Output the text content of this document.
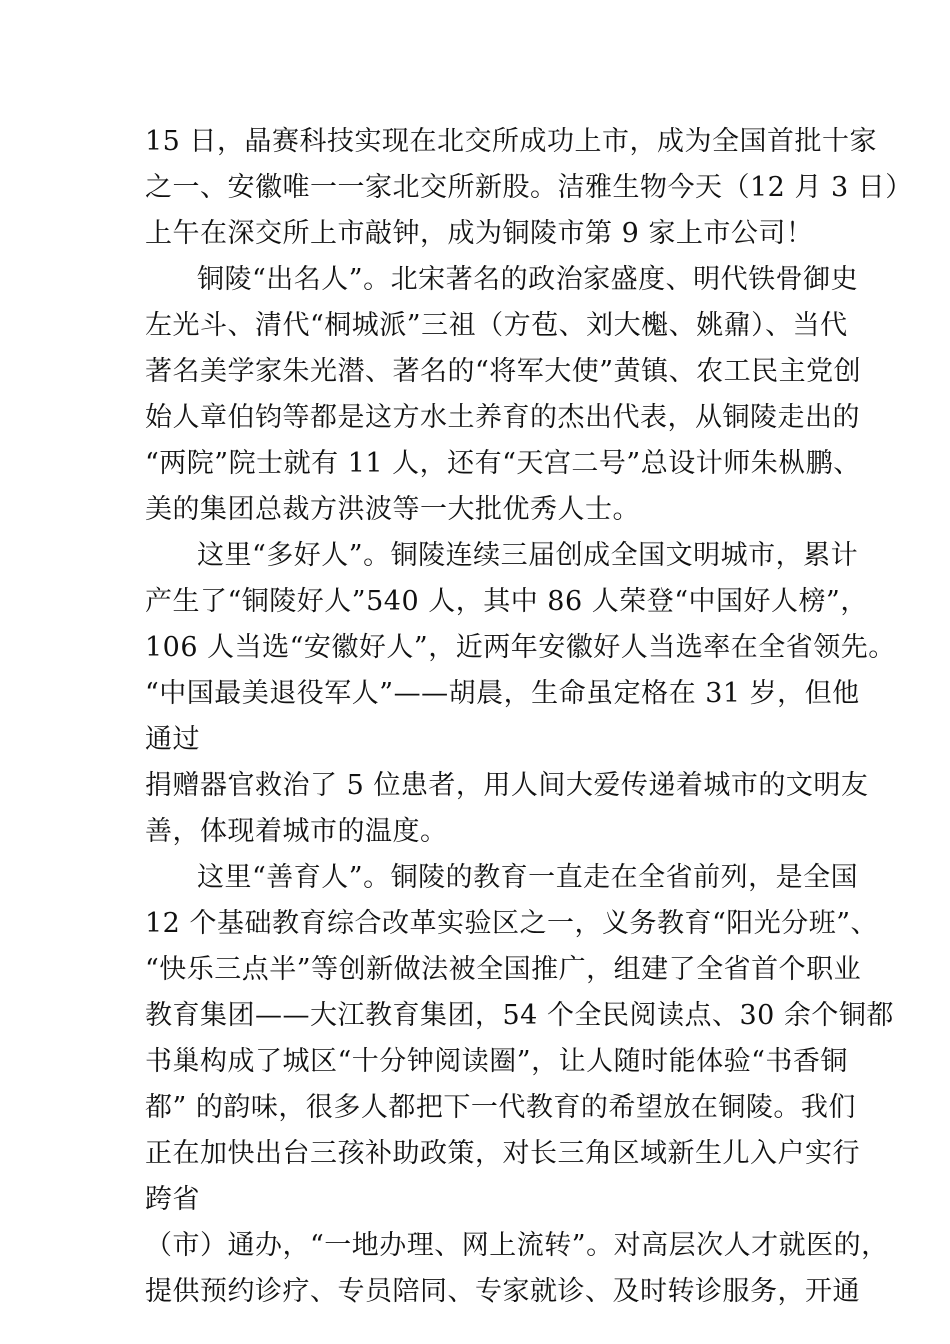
15 日，晶赛科技实现在北交所成功上市，成为全国首批十家
之一、安徽唯一一家北交所新股。洁雅生物今天（12 月 3 日）
上午在深交所上市敲钟，成为铜陵市第 9 家上市公司！
铜陵“出名人”。北宋著名的政治家盛度、明代铁骨御史
左光斗、清代“桐城派”三祖（方苞、刘大櫆、姚鼐）、当代
著名美学家朱光潜、著名的“将军大使”黄镇、农工民主党创
始人章伯钧等都是这方水土养育的杰出代表，从铜陵走出的
“两院”院士就有 11 人，还有“天宫二号”总设计师朱枞鹏、
美的集团总裁方洪波等一大批优秀人士。
这里“多好人”。铜陵连续三届创成全国文明城市，累计
产生了“铜陵好人”540 人，其中 86 人荣登“中国好人榜”，
106 人当选“安徽好人”，近两年安徽好人当选率在全省领先。
“中国最美退役军人”——胡晨，生命虽定格在 31 岁，但他
通过
捐赠器官救治了 5 位患者，用人间大爱传递着城市的文明友
善，体现着城市的温度。
这里“善育人”。铜陵的教育一直走在全省前列，是全国
12 个基础教育综合改革实验区之一，义务教育“阳光分班”、
“快乐三点半”等创新做法被全国推广，组建了全省首个职业
教育集团——大江教育集团，54 个全民阅读点、30 余个铜都
书巢构成了城区“十分钟阅读圈”，让人随时能体验“书香铜
都” 的韵味，很多人都把下一代教育的希望放在铜陵。我们
正在加快出台三孩补助政策，对长三角区域新生儿入户实行
跨省
（市）通办，“一地办理、网上流转”。对高层次人才就医的，
提供预约诊疗、专员陪同、专家就诊、及时转诊服务，开通
